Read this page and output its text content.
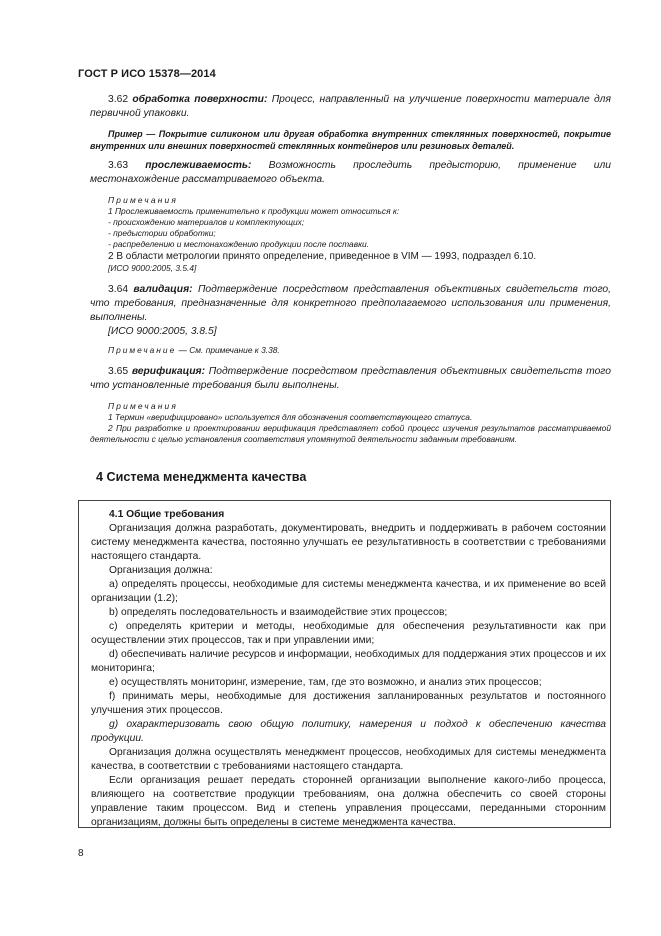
ГОСТ Р ИСО 15378—2014

3.62 обработка поверхности: Процесс, направленный на улучшение поверхности материале для первичной упаковки.

Пример — Покрытие силиконом или другая обработка внутренних стеклянных поверхностей, покрытие внутренних или внешних поверхностей стеклянных контейнеров или резиновых деталей.

3.63 прослеживаемость: Возможность проследить предысторию, применение или местонахождение рассматриваемого объекта.

Примечания

1 Прослеживаемость применительно к продукции может относиться к:

- происхождению материалов и комплектующих;

- предыстории обработки;

- распределению и местонахождению продукции после поставки.

2 В области метрологии принято определение, приведенное в VIM — 1993, подраздел 6.10.

[ИСО 9000:2005, 3.5.4]

3.64 валидация: Подтверждение посредством представления объективных свидетельств того, что требования, предназначенные для конкретного предполагаемого использования или применения, выполнены.

[ИСО 9000:2005, 3.8.5]

Примечание — См. примечание к 3.38.

3.65 верификация: Подтверждение посредством представления объективных свидетельств того что установленные требования были выполнены.

Примечания

1 Термин «верифицировано» используется для обозначения соответствующего статуса.

2 При разработке и проектировании верификация представляет собой процесс изучения результатов рассматриваемой деятельности с целью установления соответствия упомянутой деятельности заданным требованиям.

4 Система менеджмента качества

4.1 Общие требования

Организация должна разработать, документировать, внедрить и поддерживать в рабочем состоянии систему менеджмента качества, постоянно улучшать ее результативность в соответствии с требованиями настоящего стандарта.

Организация должна:

a) определять процессы, необходимые для системы менеджмента качества, и их применение во всей организации (1.2);

b) определять последовательность и взаимодействие этих процессов;

c) определять критерии и методы, необходимые для обеспечения результативности как при осуществлении этих процессов, так и при управлении ими;

d) обеспечивать наличие ресурсов и информации, необходимых для поддержания этих процессов и их мониторинга;

e) осуществлять мониторинг, измерение, там, где это возможно, и анализ этих процессов;

f) принимать меры, необходимые для достижения запланированных результатов и постоянного улучшения этих процессов.

g) охарактеризовать свою общую политику, намерения и подход к обеспечению качества продукции.

Организация должна осуществлять менеджмент процессов, необходимых для системы менеджмента качества, в соответствии с требованиями настоящего стандарта.

Если организация решает передать сторонней организации выполнение какого-либо процесса, влияющего на соответствие продукции требованиям, она должна обеспечить со своей стороны управление таким процессом. Вид и степень управления процессами, переданными сторонним организациям, должны быть определены в системе менеджмента качества.

8
